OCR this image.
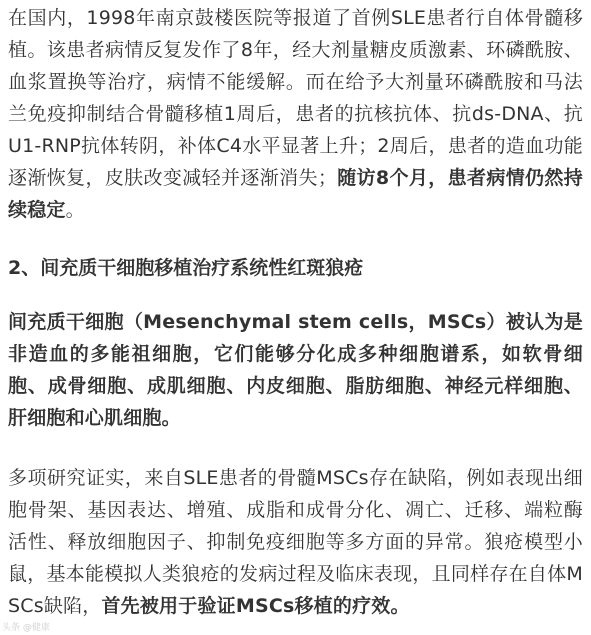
在国内，1998年南京鼓楼医院等报道了首例SLE患者行自体骨髓移植。该患者病情反复发作了8年，经大剂量糖皮质激素、环磷酰胺、血浆置换等治疗，病情不能缓解。而在给予大剂量环磷酰胺和马法兰免疫抑制结合骨髓移植1周后，患者的抗核抗体、抗ds-DNA、抗U1-RNP抗体转阴，补体C4水平显著上升；2周后，患者的造血功能逐渐恢复，皮肤改变减轻并逐渐消失；随访8个月，患者病情仍然持续稳定。

2、间充质干细胞移植治疗系统性红斑狼疮

间充质干细胞（Mesenchymal stem cells，MSCs）被认为是非造血的多能祖细胞，它们能够分化成多种细胞谱系，如软骨细胞、成骨细胞、成肌细胞、内皮细胞、脂肪细胞、神经元样细胞、肝细胞和心肌细胞。

多项研究证实，来自SLE患者的骨髓MSCs存在缺陷，例如表现出细胞骨架、基因表达、增殖、成脂和成骨分化、凋亡、迁移、端粒酶活性、释放细胞因子、抑制免疫细胞等多方面的异常。狼疮模型小鼠，基本能模拟人类狼疮的发病过程及临床表现，且同样存在自体MSCs缺陷，首先被用于验证MSCs移植的疗效。

头条 @健康
